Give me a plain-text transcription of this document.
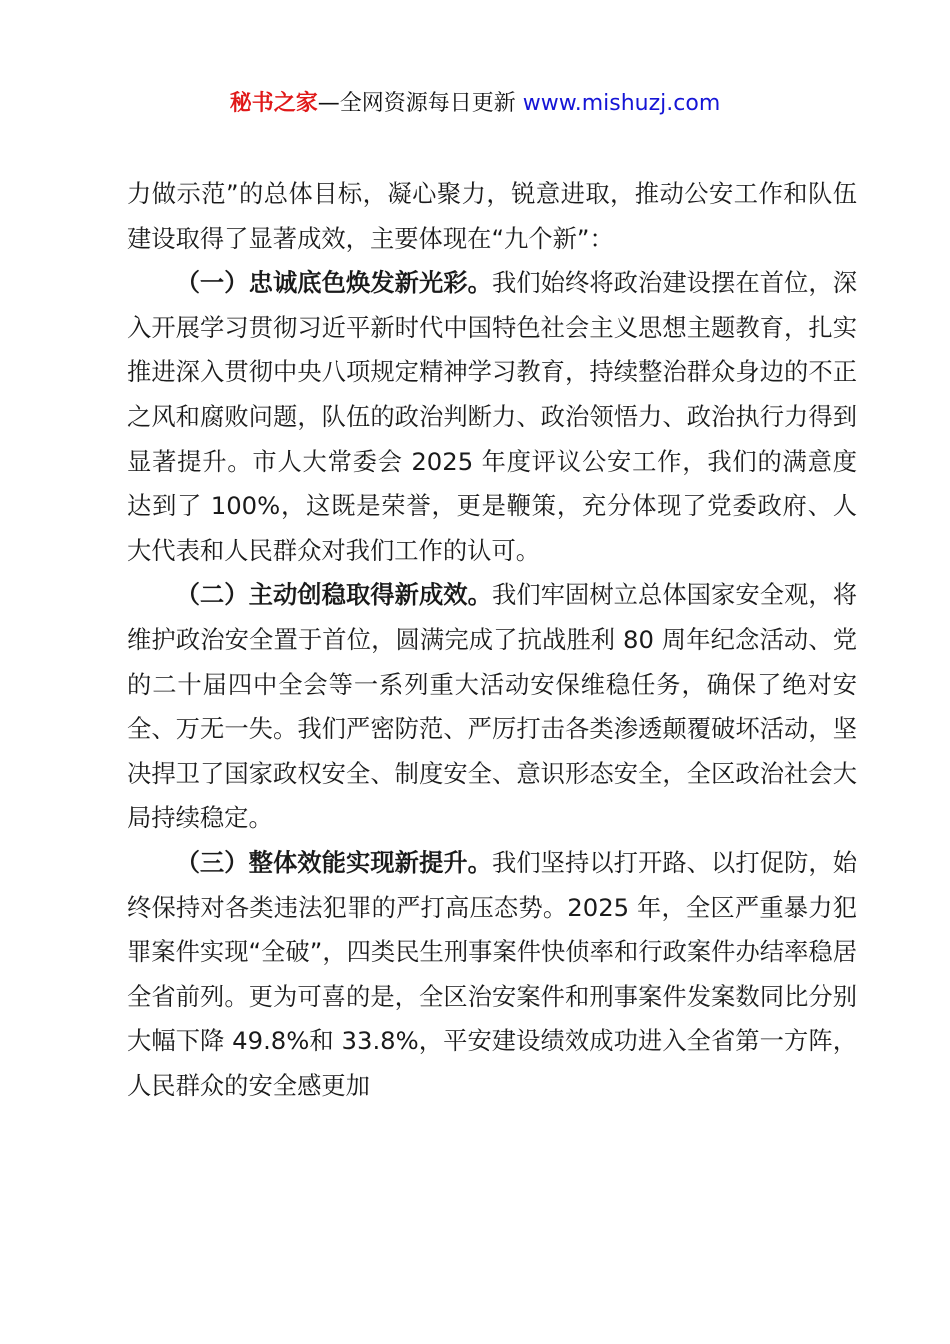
秘书之家—全网资源每日更新 www.mishuzj.com

力做示范”的总体目标，凝心聚力，锐意进取，推动公安工作和队伍建设取得了显著成效，主要体现在“九个新”：

（一）忠诚底色焕发新光彩。我们始终将政治建设摆在首位，深入开展学习贯彻习近平新时代中国特色社会主义思想主题教育，扎实推进深入贯彻中央八项规定精神学习教育，持续整治群众身边的不正之风和腐败问题，队伍的政治判断力、政治领悟力、政治执行力得到显著提升。市人大常委会 2025 年度评议公安工作，我们的满意度达到了 100%，这既是荣誉，更是鞭策，充分体现了党委政府、人大代表和人民群众对我们工作的认可。

（二）主动创稳取得新成效。我们牢固树立总体国家安全观，将维护政治安全置于首位，圆满完成了抗战胜利 80 周年纪念活动、党的二十届四中全会等一系列重大活动安保维稳任务，确保了绝对安全、万无一失。我们严密防范、严厉打击各类渗透颠覆破坏活动，坚决捍卫了国家政权安全、制度安全、意识形态安全，全区政治社会大局持续稳定。

（三）整体效能实现新提升。我们坚持以打开路、以打促防，始终保持对各类违法犯罪的严打高压态势。2025 年，全区严重暴力犯罪案件实现“全破”，四类民生刑事案件快侦率和行政案件办结率稳居全省前列。更为可喜的是，全区治安案件和刑事案件发案数同比分别大幅下降 49.8%和 33.8%，平安建设绩效成功进入全省第一方阵，人民群众的安全感更加
